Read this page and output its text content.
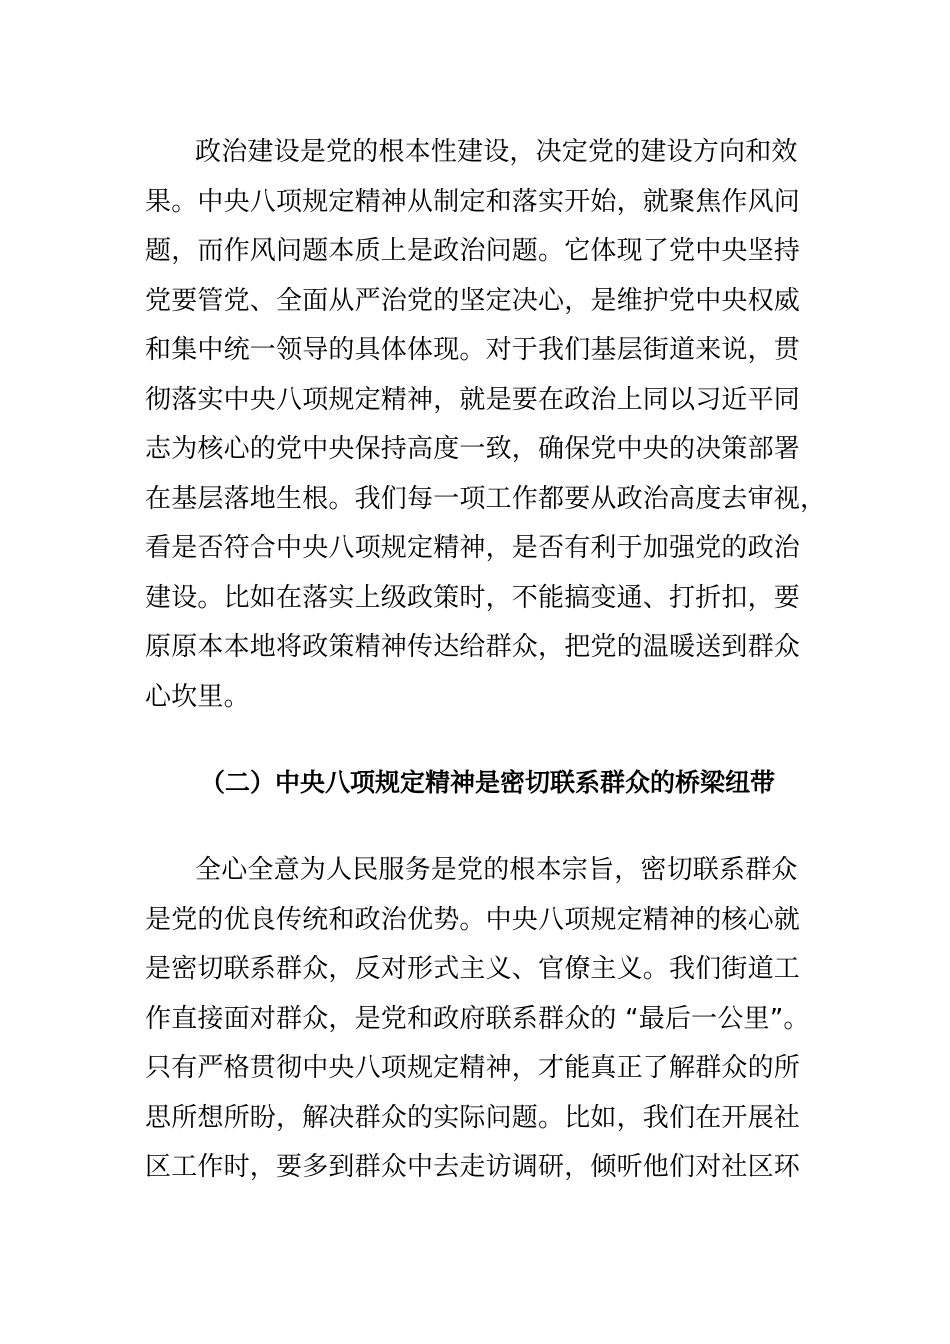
政治建设是党的根本性建设，决定党的建设方向和效

果。中央八项规定精神从制定和落实开始，就聚焦作风问

题，而作风问题本质上是政治问题。它体现了党中央坚持

党要管党、全面从严治党的坚定决心，是维护党中央权威

和集中统一领导的具体体现。对于我们基层街道来说，贯

彻落实中央八项规定精神，就是要在政治上同以习近平同

志为核心的党中央保持高度一致，确保党中央的决策部署

在基层落地生根。我们每一项工作都要从政治高度去审视，

看是否符合中央八项规定精神，是否有利于加强党的政治

建设。比如在落实上级政策时，不能搞变通、打折扣，要

原原本本地将政策精神传达给群众，把党的温暖送到群众

心坎里。

（二）中央八项规定精神是密切联系群众的桥梁纽带

全心全意为人民服务是党的根本宗旨，密切联系群众

是党的优良传统和政治优势。中央八项规定精神的核心就

是密切联系群众，反对形式主义、官僚主义。我们街道工

作直接面对群众，是党和政府联系群众的 “最后一公里”。

只有严格贯彻中央八项规定精神，才能真正了解群众的所

思所想所盼，解决群众的实际问题。比如，我们在开展社

区工作时，要多到群众中去走访调研，倾听他们对社区环
